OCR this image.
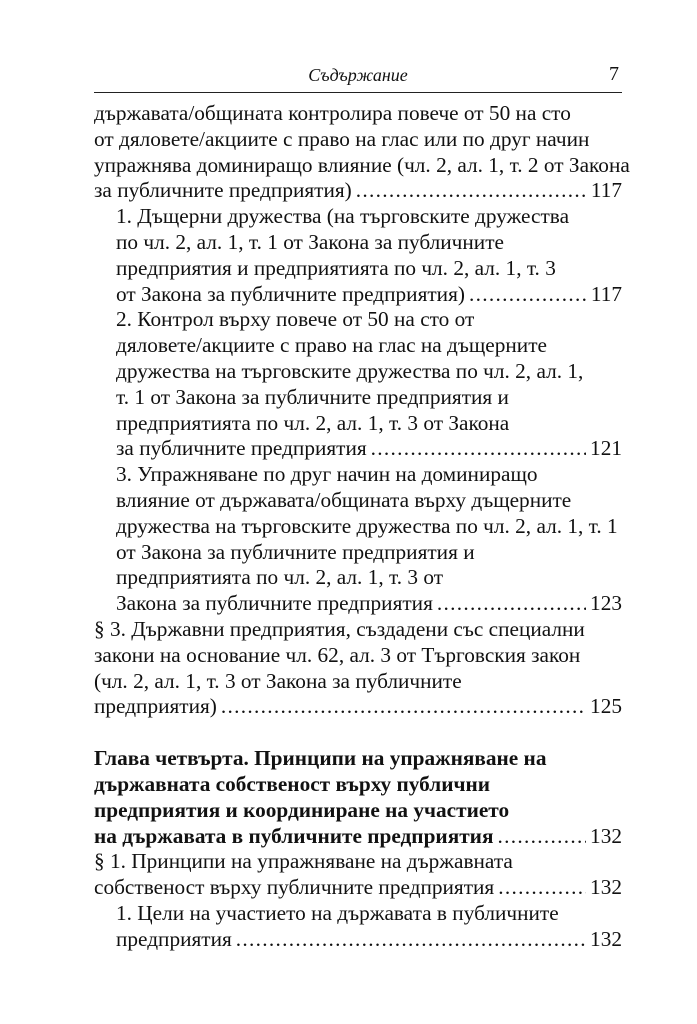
Съдържание	7
държавата/общината контролира повече от 50 на сто
от дяловете/акциите с право на глас или по друг начин
упражнява доминиращо влияние (чл. 2, ал. 1, т. 2 от Закона
за публичните предприятия) .....	117
1. Дъщерни дружества (на търговските дружества
по чл. 2, ал. 1, т. 1 от Закона за публичните
предприятия и предприятията по чл. 2, ал. 1, т. 3
от Закона за публичните предприятия) .....	117
2. Контрол върху повече от 50 на сто от
дяловете/акциите с право на глас на дъщерните
дружества на търговските дружества по чл. 2, ал. 1,
т. 1 от Закона за публичните предприятия и
предприятията по чл. 2, ал. 1, т. 3 от Закона
за публичните предприятия .....	121
3. Упражняване по друг начин на доминиращо
влияние от държавата/общината върху дъщерните
дружества на търговските дружества по чл. 2, ал. 1, т. 1
от Закона за публичните предприятия и
предприятията по чл. 2, ал. 1, т. 3 от
Закона за публичните предприятия .....	123
§ 3. Държавни предприятия, създадени със специални
закони на основание чл. 62, ал. 3 от Търговския закон
(чл. 2, ал. 1, т. 3 от Закона за публичните
предприятия) .....	125
Глава четвърта. Принципи на упражняване на
държавната собственост върху публични
предприятия и координиране на участието
на държавата в публичните предприятия .....	132
§ 1. Принципи на упражняване на държавната
собственост върху публичните предприятия .....	132
1. Цели на участието на държавата в публичните
предприятия .....	132
